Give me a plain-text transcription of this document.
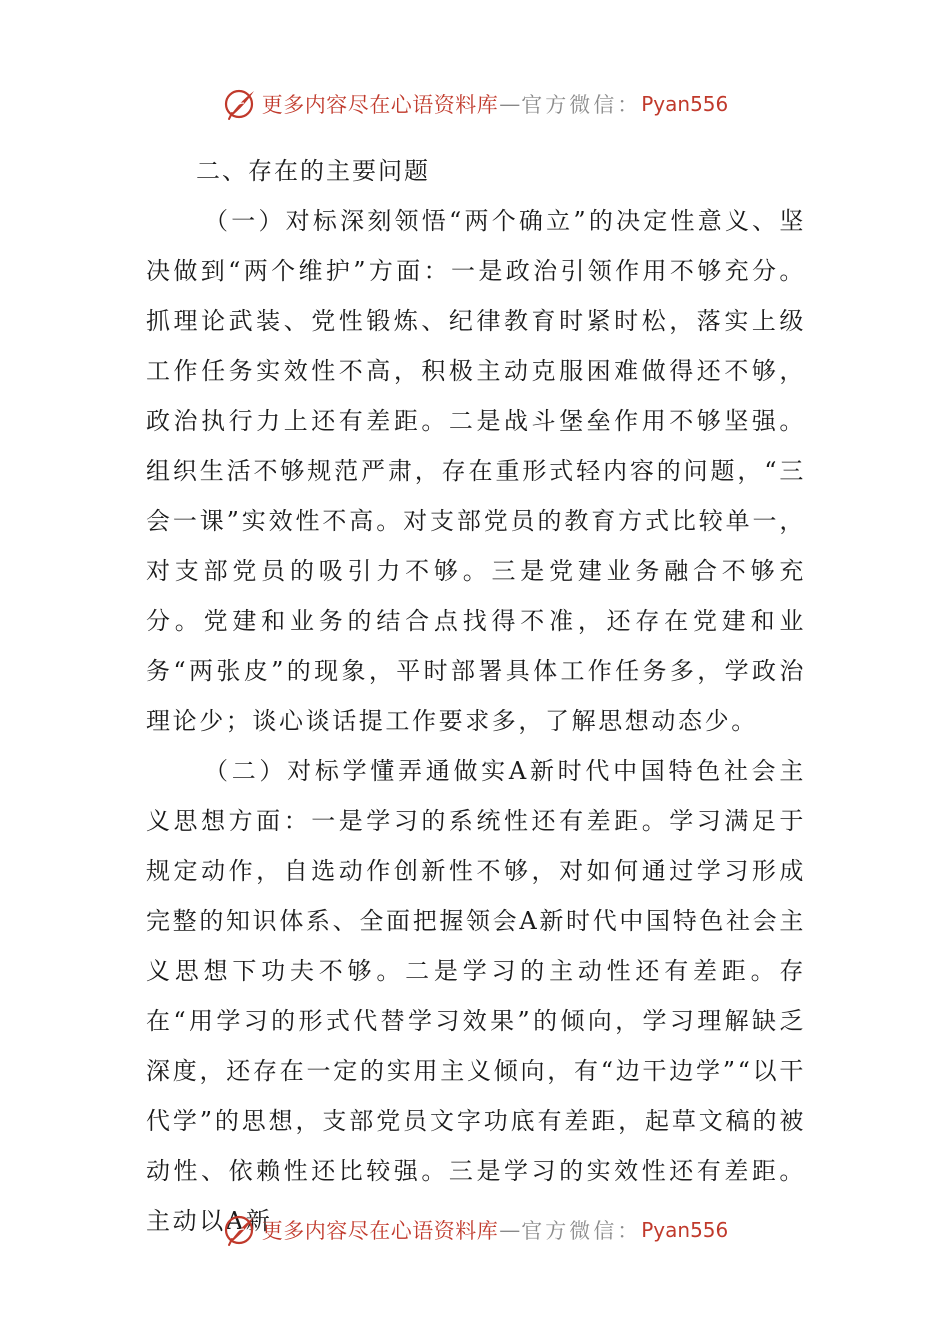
更多内容尽在心语资料库 — 官方微信： Pyan556
二、存在的主要问题

（一）对标深刻领悟“两个确立”的决定性意义、坚决做到“两个维护”方面：一是政治引领作用不够充分。抓理论武装、党性锻炼、纪律教育时紧时松，落实上级工作任务实效性不高，积极主动克服困难做得还不够，政治执行力上还有差距。二是战斗堡垒作用不够坚强。组织生活不够规范严肃，存在重形式轻内容的问题，“三会一课”实效性不高。对支部党员的教育方式比较单一，对支部党员的吸引力不够。三是党建业务融合不够充分。党建和业务的结合点找得不准，还存在党建和业务“两张皮”的现象，平时部署具体工作任务多，学政治理论少；谈心谈话提工作要求多，了解思想动态少。

（二）对标学懂弄通做实A新时代中国特色社会主义思想方面：一是学习的系统性还有差距。学习满足于规定动作，自选动作创新性不够，对如何通过学习形成完整的知识体系、全面把握领会A新时代中国特色社会主义思想下功夫不够。二是学习的主动性还有差距。存在“用学习的形式代替学习效果”的倾向，学习理解缺乏深度，还存在一定的实用主义倾向，有“边干边学”“以干代学”的思想，支部党员文字功底有差距，起草文稿的被动性、依赖性还比较强。三是学习的实效性还有差距。主动以A新

更多内容尽在心语资料库 — 官方微信： Pyan556
